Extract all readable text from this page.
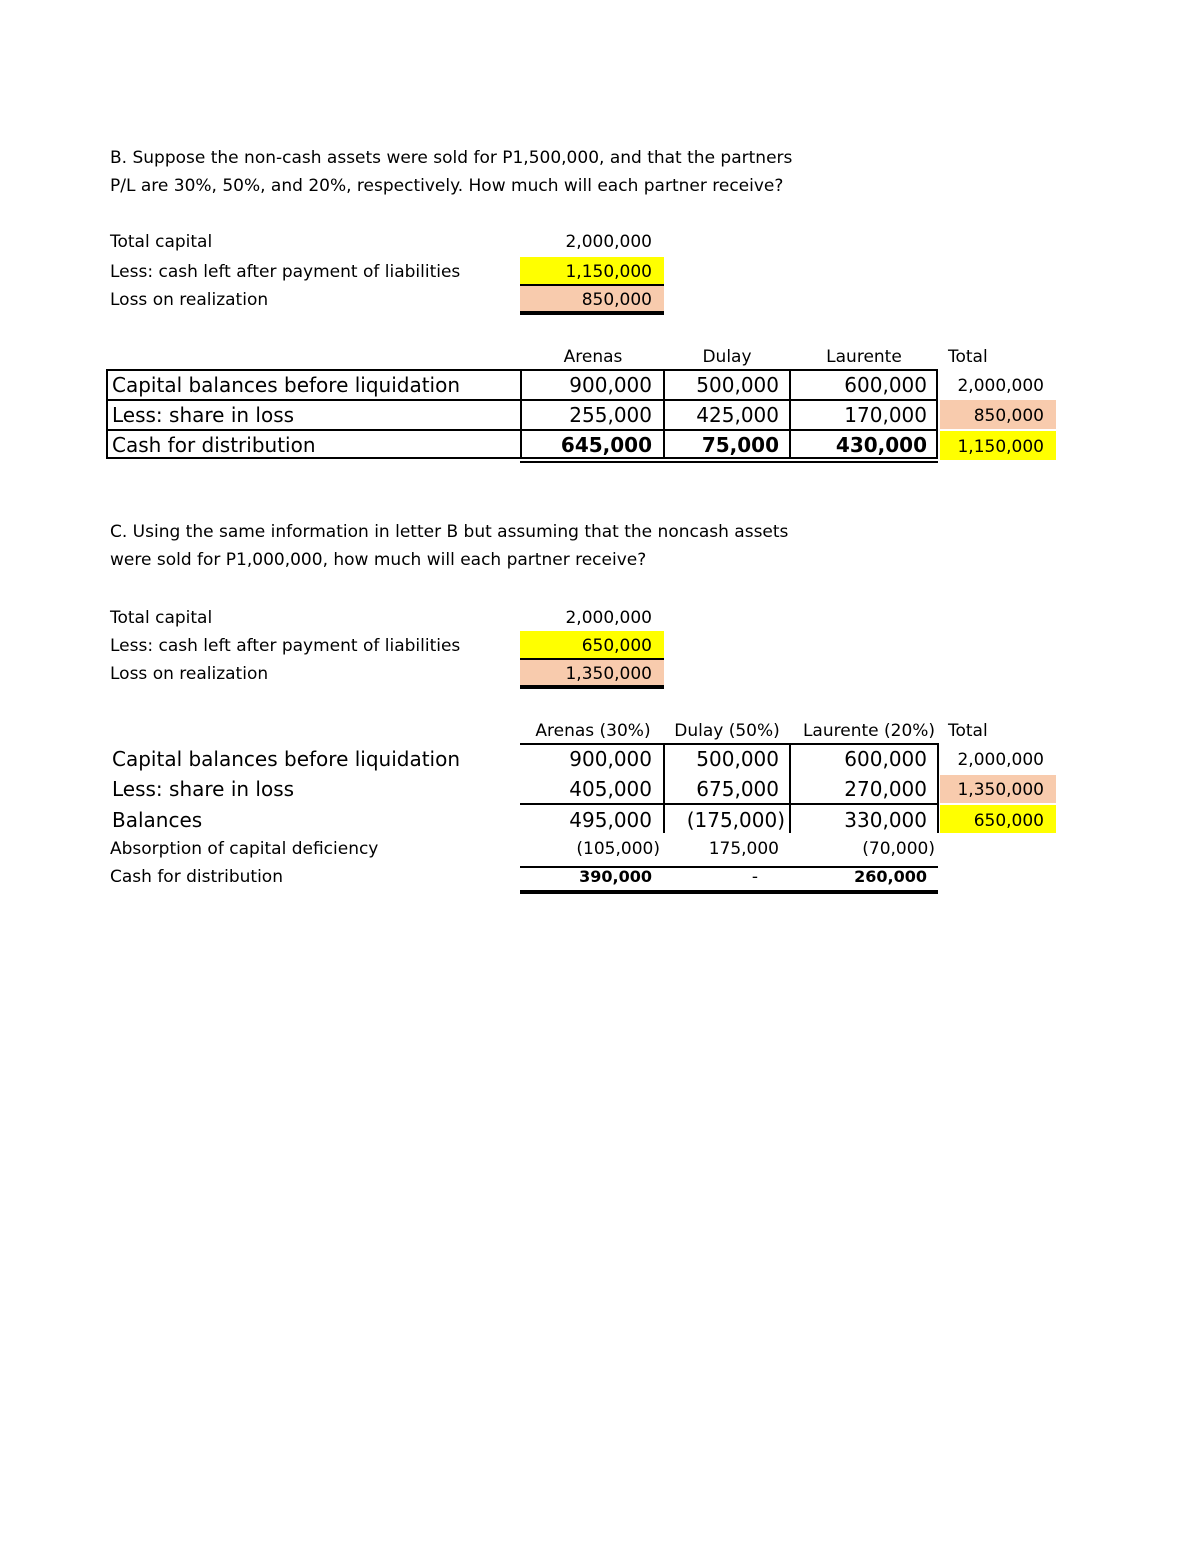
B. Suppose the non-cash assets were sold for P1,500,000, and that the partners
P/L are 30%, 50%, and 20%, respectively. How much will each partner receive?
Total capital	2,000,000
Less: cash left after payment of liabilities	1,150,000
Loss on realization	850,000
Arenas	Dulay	Laurente	Total
Capital balances before liquidation	900,000	500,000	600,000	2,000,000
Less: share in loss	255,000	425,000	170,000	850,000
Cash for distribution	645,000	75,000	430,000	1,150,000
C. Using the same information in letter B but assuming that the noncash assets
were sold for P1,000,000, how much will each partner receive?
Total capital	2,000,000
Less: cash left after payment of liabilities	650,000
Loss on realization	1,350,000
Arenas (30%)	Dulay (50%)	Laurente (20%) Total
Capital balances before liquidation	900,000	500,000	600,000	2,000,000
Less: share in loss	405,000	675,000	270,000	1,350,000
Balances	495,000	(175,000)	330,000	650,000
Absorption of capital deficiency	(105,000)	175,000	(70,000)
Cash for distribution	390,000	-	260,000
